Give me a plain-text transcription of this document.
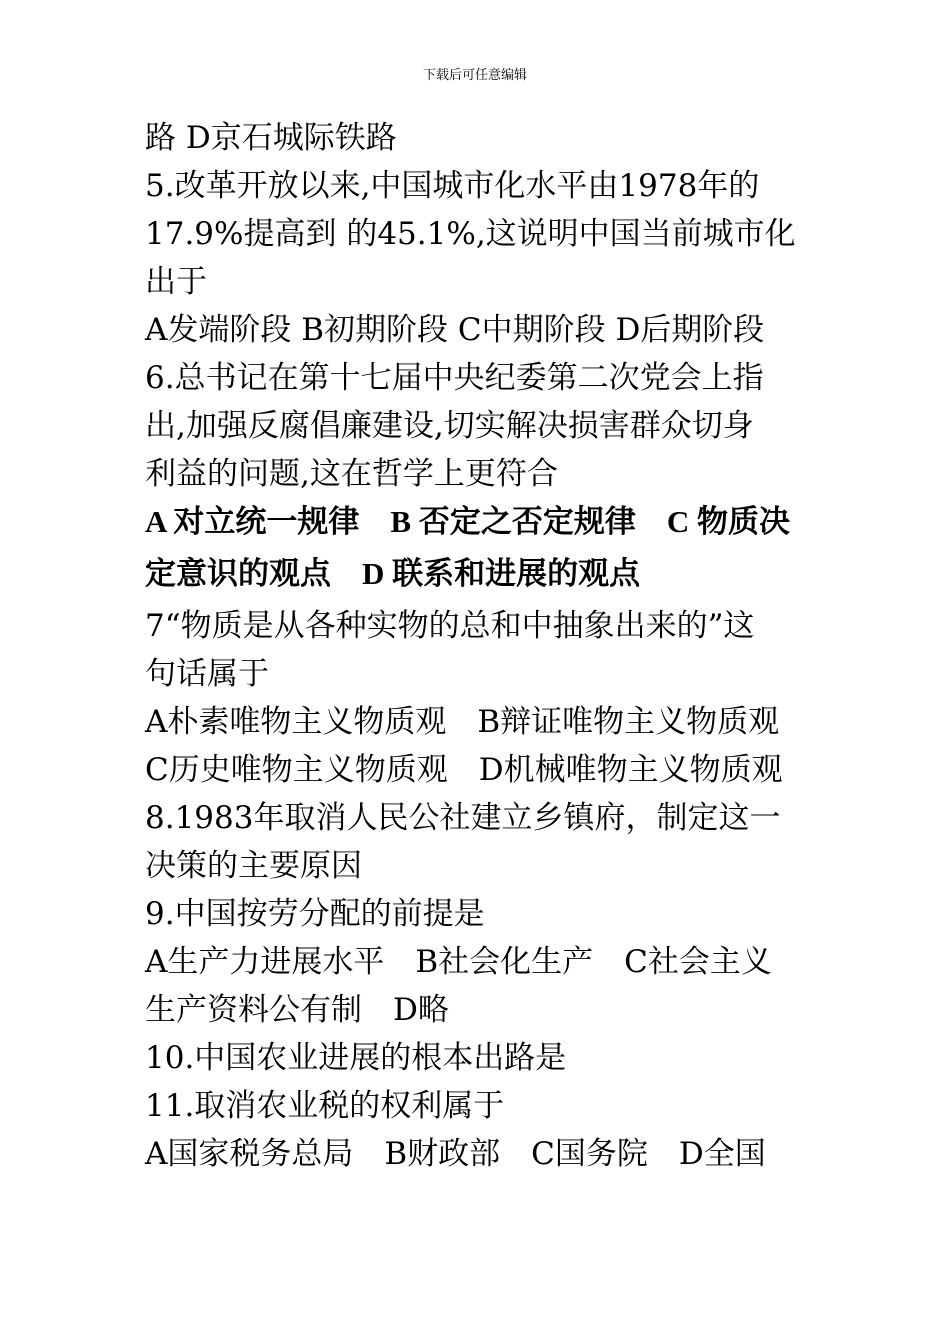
下载后可任意编辑
路 D京石城际铁路
5.改革开放以来,中国城市化水平由1978年的
17.9%提高到 的45.1%,这说明中国当前城市化
出于
A发端阶段 B初期阶段 C中期阶段 D后期阶段
6.总书记在第十七届中央纪委第二次党会上指
出,加强反腐倡廉建设,切实解决损害群众切身
利益的问题,这在哲学上更符合
A 对立统一规律　B 否定之否定规律　C 物质决
定意识的观点　D 联系和进展的观点
7“物质是从各种实物的总和中抽象出来的”这
句话属于
A朴素唯物主义物质观　B辩证唯物主义物质观
C历史唯物主义物质观　D机械唯物主义物质观
8.1983年取消人民公社建立乡镇府，制定这一
决策的主要原因
9.中国按劳分配的前提是
A生产力进展水平　B社会化生产　C社会主义
生产资料公有制　D略
10.中国农业进展的根本出路是
11.取消农业税的权利属于
A国家税务总局　B财政部　C国务院　D全国
